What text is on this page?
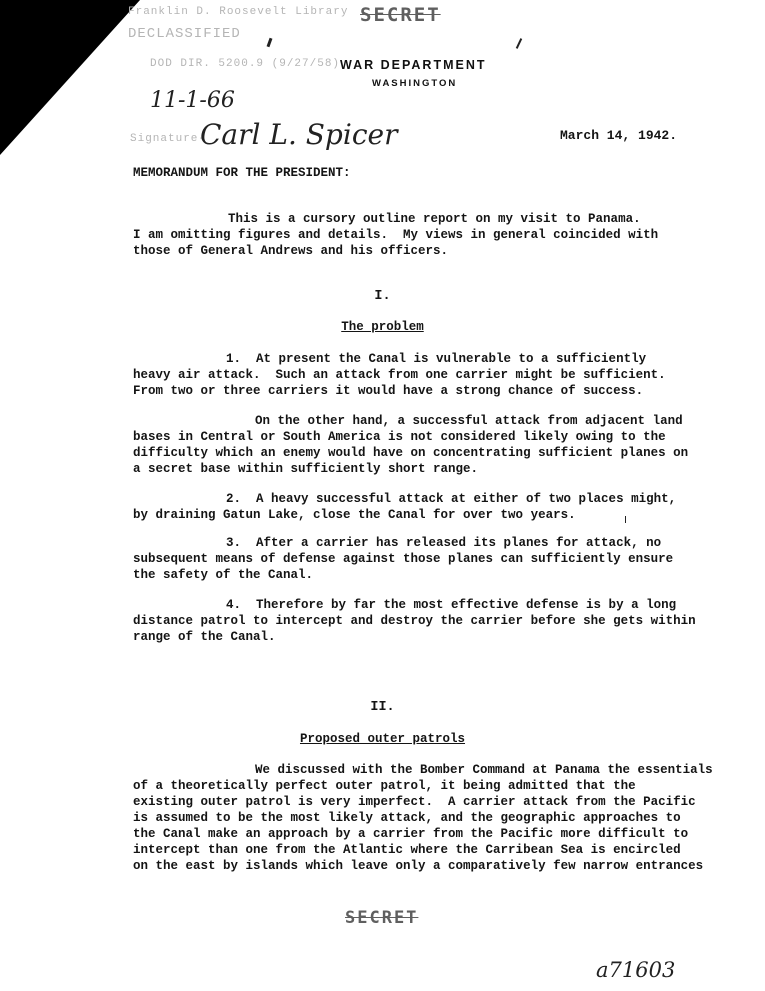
Franklin D. Roosevelt Library
DECLASSIFIED
DOD DIR. 5200.9 (9/27/58)
SECRET
WAR DEPARTMENT
WASHINGTON
11-1-66
Signature-
Carl L. Spicer	March 14, 1942.
MEMORANDUM FOR THE PRESIDENT:
This is a cursory outline report on my visit to Panama.
I am omitting figures and details.  My views in general coincided with
those of General Andrews and his officers.
I.
The problem
1.  At present the Canal is vulnerable to a sufficiently
heavy air attack.  Such an attack from one carrier might be sufficient.
From two or three carriers it would have a strong chance of success.
On the other hand, a successful attack from adjacent land
bases in Central or South America is not considered likely owing to the
difficulty which an enemy would have on concentrating sufficient planes on
a secret base within sufficiently short range.
2.  A heavy successful attack at either of two places might,
by draining Gatun Lake, close the Canal for over two years.
3.  After a carrier has released its planes for attack, no
subsequent means of defense against those planes can sufficiently ensure
the safety of the Canal.
4.  Therefore by far the most effective defense is by a long
distance patrol to intercept and destroy the carrier before she gets within
range of the Canal.
II.
Proposed outer patrols
We discussed with the Bomber Command at Panama the essentials
of a theoretically perfect outer patrol, it being admitted that the
existing outer patrol is very imperfect.  A carrier attack from the Pacific
is assumed to be the most likely attack, and the geographic approaches to
the Canal make an approach by a carrier from the Pacific more difficult to
intercept than one from the Atlantic where the Carribean Sea is encircled
on the east by islands which leave only a comparatively few narrow entrances
SECRET
a71603
